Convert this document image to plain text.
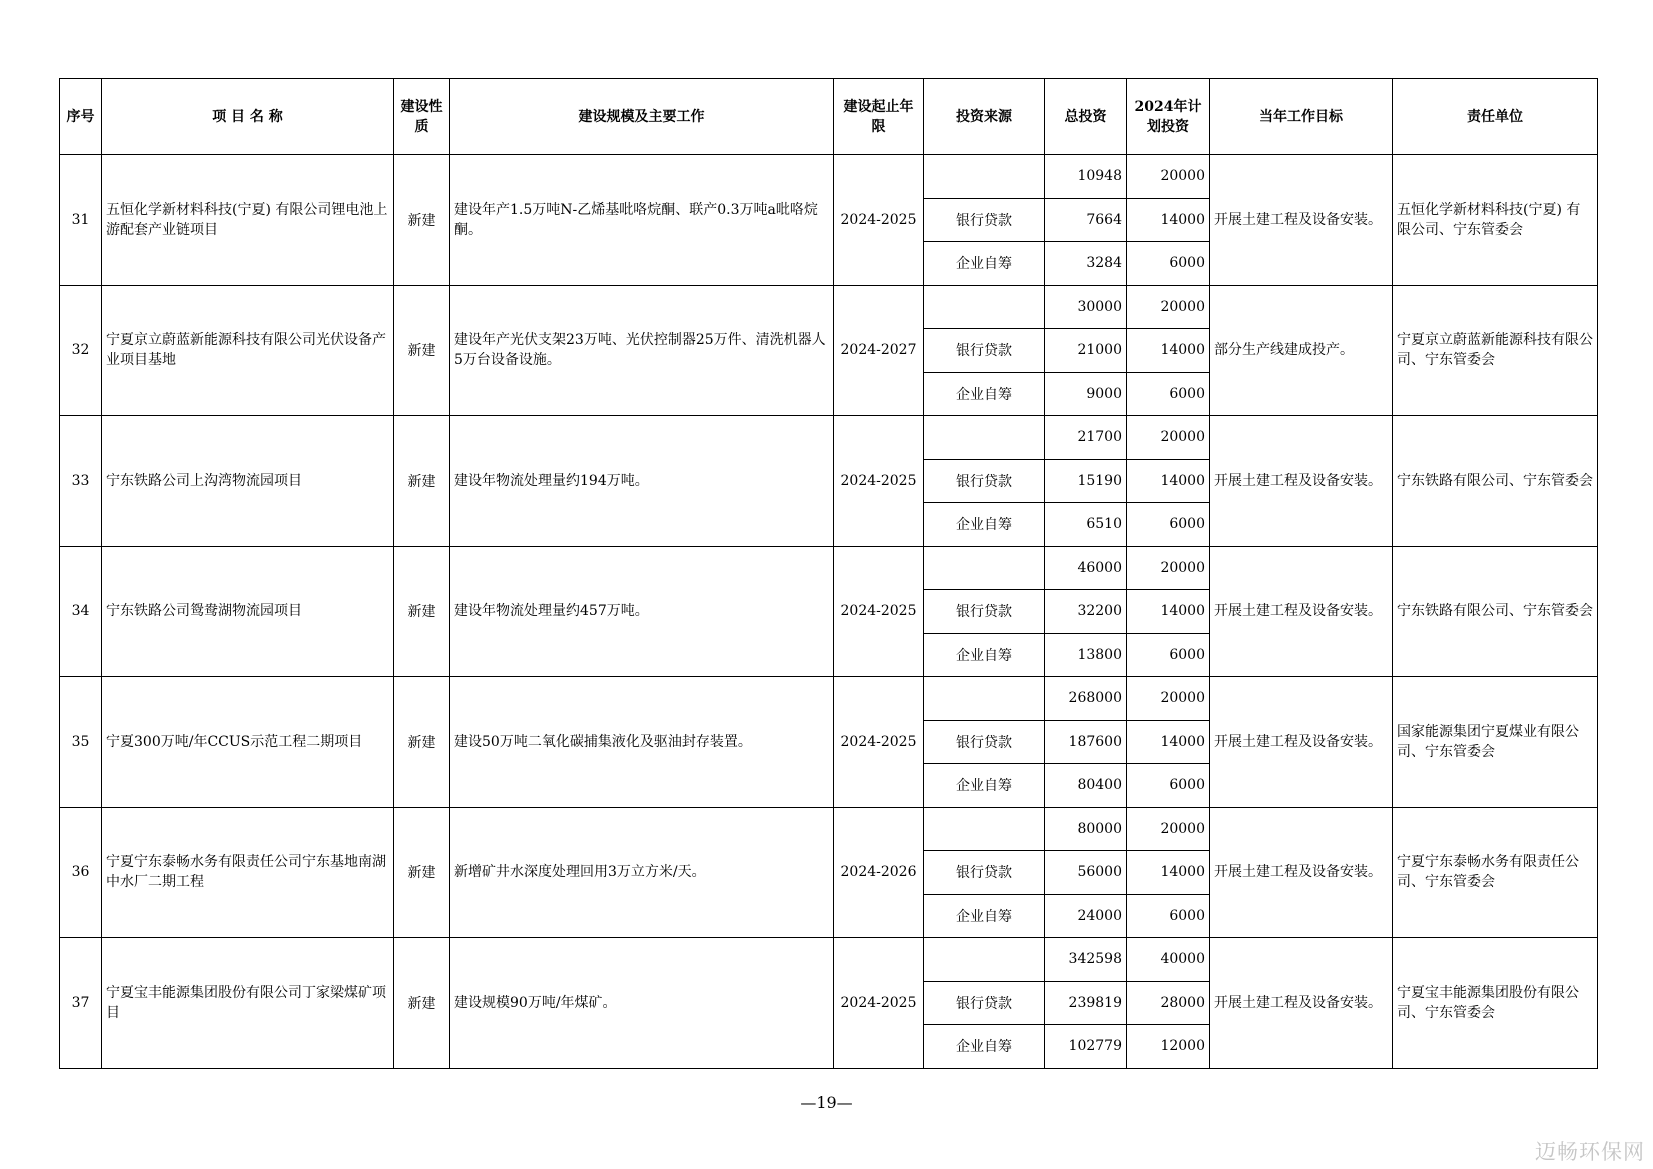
序号	项 目 名 称	建设性质	建设规模及主要工作	建设起止年限	投资来源	总投资	2024年计划投资	当年工作目标	责任单位
31	五恒化学新材料科技(宁夏) 有限公司锂电池上游配套产业链项目	新建	建设年产1.5万吨N-乙烯基吡咯烷酮、联产0.3万吨a吡咯烷酮。	2024-2025		10948	20000	开展土建工程及设备安装。	五恒化学新材料科技(宁夏) 有限公司、宁东管委会
					银行贷款	7664	14000		
					企业自筹	3284	6000		
32	宁夏京立蔚蓝新能源科技有限公司光伏设备产业项目基地	新建	建设年产光伏支架23万吨、光伏控制器25万件、清洗机器人5万台设备设施。	2024-2027		30000	20000	部分生产线建成投产。	宁夏京立蔚蓝新能源科技有限公司、宁东管委会
					银行贷款	21000	14000		
					企业自筹	9000	6000		
33	宁东铁路公司上沟湾物流园项目	新建	建设年物流处理量约194万吨。	2024-2025		21700	20000	开展土建工程及设备安装。	宁东铁路有限公司、宁东管委会
					银行贷款	15190	14000		
					企业自筹	6510	6000		
34	宁东铁路公司鸳鸯湖物流园项目	新建	建设年物流处理量约457万吨。	2024-2025		46000	20000	开展土建工程及设备安装。	宁东铁路有限公司、宁东管委会
					银行贷款	32200	14000		
					企业自筹	13800	6000		
35	宁夏300万吨/年CCUS示范工程二期项目	新建	建设50万吨二氧化碳捕集液化及驱油封存装置。	2024-2025		268000	20000	开展土建工程及设备安装。	国家能源集团宁夏煤业有限公司、宁东管委会
					银行贷款	187600	14000		
					企业自筹	80400	6000		
36	宁夏宁东泰畅水务有限责任公司宁东基地南湖中水厂二期工程	新建	新增矿井水深度处理回用3万立方米/天。	2024-2026		80000	20000	开展土建工程及设备安装。	宁夏宁东泰畅水务有限责任公司、宁东管委会
					银行贷款	56000	14000		
					企业自筹	24000	6000		
37	宁夏宝丰能源集团股份有限公司丁家梁煤矿项目	新建	建设规模90万吨/年煤矿。	2024-2025		342598	40000	开展土建工程及设备安装。	宁夏宝丰能源集团股份有限公司、宁东管委会
					银行贷款	239819	28000		
					企业自筹	102779	12000		
—19—
迈畅环保网
